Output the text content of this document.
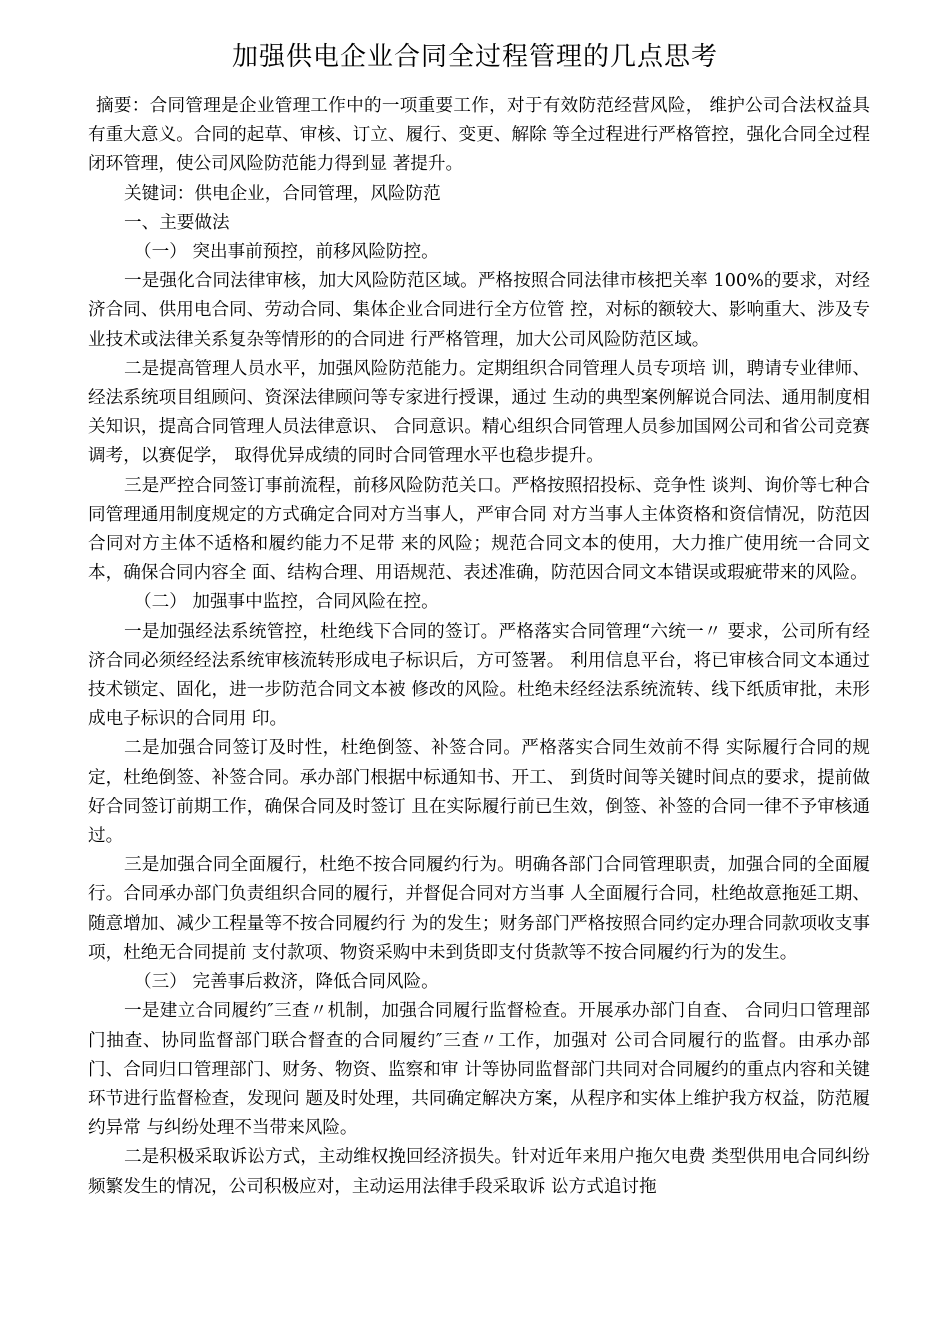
加强供电企业合同全过程管理的几点思考

摘要：合同管理是企业管理工作中的一项重要工作，对于有效防范经营风险， 维护公司合法权益具有重大意义。合同的起草、审核、订立、履行、变更、解除 等全过程进行严格管控，强化合同全过程闭环管理，使公司风险防范能力得到显 著提升。

关键词：供电企业，合同管理，风险防范

一、主要做法

（一） 突出事前预控，前移风险防控。

一是强化合同法律审核，加大风险防范区域。严格按照合同法律市核把关率 100%的要求，对经济合同、供用电合同、劳动合同、集体企业合同进行全方位管 控，对标的额较大、影响重大、涉及专业技术或法律关系复杂等情形的的合同进 行严格管理，加大公司风险防范区域。

二是提高管理人员水平，加强风险防范能力。定期组织合同管理人员专项培 训，聘请专业律师、经法系统项目组顾问、资深法律顾问等专家进行授课，通过 生动的典型案例解说合同法、通用制度相关知识，提高合同管理人员法律意识、 合同意识。精心组织合同管理人员参加国网公司和省公司竞赛调考，以赛促学， 取得优异成绩的同时合同管理水平也稳步提升。

三是严控合同签订事前流程，前移风险防范关口。严格按照招投标、竞争性 谈判、询价等七种合同管理通用制度规定的方式确定合同对方当事人，严审合同 对方当事人主体资格和资信情况，防范因合同对方主体不适格和履约能力不足带 来的风险；规范合同文本的使用，大力推广使用统一合同文本，确保合同内容全 面、结构合理、用语规范、表述准确，防范因合同文本错误或瑕疵带来的风险。

（二） 加强事中监控，合同风险在控。

一是加强经法系统管控，杜绝线下合同的签订。严格落实合同管理“六统一〃 要求，公司所有经济合同必须经经法系统审核流转形成电子标识后，方可签署。 利用信息平台，将已审核合同文本通过技术锁定、固化，进一步防范合同文本被 修改的风险。杜绝未经经法系统流转、线下纸质审批，未形成电子标识的合同用 印。

二是加强合同签订及时性，杜绝倒签、补签合同。严格落实合同生效前不得 实际履行合同的规定，杜绝倒签、补签合同。承办部门根据中标通知书、开工、 到货时间等关键时间点的要求，提前做好合同签订前期工作，确保合同及时签订 且在实际履行前已生效，倒签、补签的合同一律不予审核通过。

三是加强合同全面履行，杜绝不按合同履约行为。明确各部门合同管理职责，加强合同的全面履行。合同承办部门负责组织合同的履行，并督促合同对方当事 人全面履行合同，杜绝故意拖延工期、随意增加、减少工程量等不按合同履约行 为的发生；财务部门严格按照合同约定办理合同款项收支事项，杜绝无合同提前 支付款项、物资采购中未到货即支付货款等不按合同履约行为的发生。

（三） 完善事后救济，降低合同风险。

一是建立合同履约″三查〃机制，加强合同履行监督检查。开展承办部门自查、 合同归口管理部门抽查、协同监督部门联合督查的合同履约″三查〃工作，加强对 公司合同履行的监督。由承办部门、合同归口管理部门、财务、物资、监察和审 计等协同监督部门共同对合同履约的重点内容和关键环节进行监督检查，发现问 题及时处理，共同确定解决方案，从程序和实体上维护我方权益，防范履约异常 与纠纷处理不当带来风险。

二是积极采取诉讼方式，主动维权挽回经济损失。针对近年来用户拖欠电费 类型供用电合同纠纷频繁发生的情况，公司积极应对，主动运用法律手段采取诉 讼方式追讨拖
